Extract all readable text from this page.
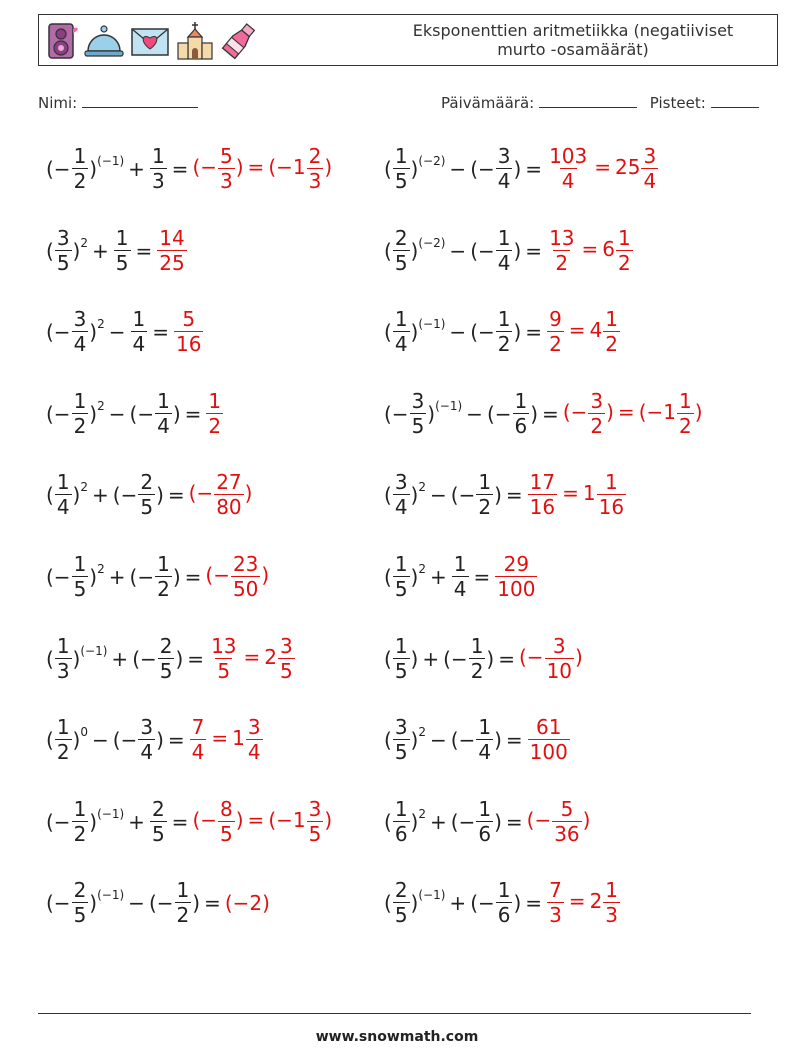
Eksponenttien aritmetiikka (negatiiviset
murto -osamäärät)
Nimi:	Päivämäärä:	Pisteet:
(− $\frac{1}{2} )^{(-1)} + \frac{1}{3}$ = (− $\frac{5}{3}$ ) = ($-1 \frac{2}{3}$ )
( $\frac{3}{5} )^2 + \frac{1}{5} = \frac{14}{25}$
(− $\frac{3}{4} )^2 - \frac{1}{4} = \frac{5}{16}$
(− $\frac{1}{2} )^2$ − (− $\frac{1}{4}$ ) = $\frac{1}{2}$
( $\frac{1}{4} )^2$ + (− $\frac{2}{5}$ ) = (− $\frac{27}{80}$ )
(− $\frac{1}{5} )^2$ + (− $\frac{1}{2}$ ) = (− $\frac{23}{50}$ )
( $\frac{1}{3} )^{(-1)}$ + (− $\frac{2}{5}$ ) = $\frac{13}{5} = 2 \frac{3}{5}$
( $\frac{1}{2} )^0$ − (− $\frac{3}{4}$ ) = $\frac{7}{4} = 1 \frac{3}{4}$
(− $\frac{1}{2} )^{(-1)} + \frac{2}{5}$ = (− $\frac{8}{5}$ ) = ($-1 \frac{3}{5}$ )
(− $\frac{2}{5} )^{(-1)}$ − (− $\frac{1}{2}$ ) = (−2)
( $\frac{1}{5} )^{(-2)}$ − (− $\frac{3}{4}$ ) = $\frac{103}{4} = 25 \frac{3}{4}$
( $\frac{2}{5} )^{(-2)}$ − (− $\frac{1}{4}$ ) = $\frac{13}{2} = 6 \frac{1}{2}$
( $\frac{1}{4} )^{(-1)}$ − (− $\frac{1}{2}$ ) = $\frac{9}{2} = 4 \frac{1}{2}$
(− $\frac{3}{5} )^{(-1)}$ − (− $\frac{1}{6}$ ) = (− $\frac{3}{2}$ ) = ($-1 \frac{1}{2}$ )
( $\frac{3}{4} )^2$ − (− $\frac{1}{2}$ ) = $\frac{17}{16} = 1 \frac{1}{16}$
( $\frac{1}{5} )^2 + \frac{1}{4} = \frac{29}{100}$
( $\frac{1}{5}$ ) + (− $\frac{1}{2}$ ) = (− $\frac{3}{10}$ )
( $\frac{3}{5} )^2$ − (− $\frac{1}{4}$ ) = $\frac{61}{100}$
( $\frac{1}{6} )^2$ + (− $\frac{1}{6}$ ) = (− $\frac{5}{36}$ )
( $\frac{2}{5} )^{(-1)}$ + (− $\frac{1}{6}$ ) = $\frac{7}{3} = 2 \frac{1}{3}$
www.snowmath.com
